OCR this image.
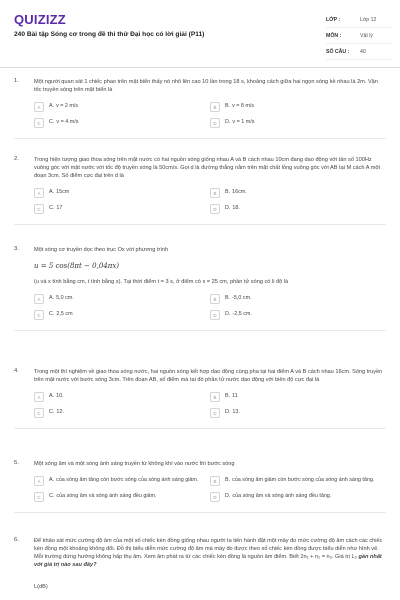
QUIZIZZ
240 Bài tập Sóng cơ trong đề thi thử Đại học có lời giải (P11)
LỚP :	Lớp 12
MÔN :	Vật lý
SỐ CÂU :	40
1.	Một người quan sát 1 chiếc phao trên mặt biển thấy nó nhô lên cao 10 lần trong 18 s, khoảng cách giữa hai ngọn sóng kề nhau là 2m. Vận tốc truyền sóng trên mặt biển là
A	A. v = 2 m/s	B	B. v = 8 m/s
C	C. v = 4 m/s	D	D. v = 1 m/s
2.	Trong hiện tượng giao thoa sóng trên mặt nước có hai nguồn sóng giống nhau A và B cách nhau 10cm đang dao động với tần số 100Hz vuông góc với mặt nước với tốc độ truyền sóng là 50cm/s. Gọi d là đường thẳng nằm trên mặt chất lỏng vuông góc với AB tại M cách A một đoạn 3cm. Số điểm cực đại trên d là
A	A. 15cm	B	B. 16cm.
C	C. 17	D	D. 18.
3.	Một sóng cơ truyền dọc theo trục Ox với phương trình
u = 5 cos(8πt − 0,04πx)
(u và x tính bằng cm, t tính bằng s). Tại thời điểm t = 3 s, ở điểm có x = 25 cm, phần tử sóng có li độ là
A	A. 5,0 cm.	B	B. -5,0 cm.
C	C. 2,5 cm	D	D. -2,5 cm.
4.	Trong một thí nghiệm về giao thoa sóng nước, hai nguồn sóng kết hợp dao động cùng pha tại hai điểm A và B cách nhau 16cm. Sóng truyền trên mặt nước với bước sóng 3cm. Trên đoạn AB, số điểm mà tại đó phần tử nước dao động với biên độ cực đại là
A	A. 10.	B	B. 11
C	C. 12.	D	D. 13.
5.	Một sóng âm và một sóng ánh sáng truyền từ không khí vào nước thì bước sóng
A	A. của sóng âm tăng còn bước sóng của sóng ánh sáng giảm.	B	B. của sóng âm giảm còn bước sóng của sóng ánh sáng tăng.
C	C. của sóng âm và sóng ánh sáng đều giảm.	D	D. của sóng âm và sóng ánh sáng đều tăng.
6.	Để khảo sát mức cường độ âm của một số chiếc kèn đồng giống nhau người ta tiến hành đặt một máy đo mức cường độ âm cách các chiếc kèn đồng một khoảng không đổi. Đồ thị biểu diễn mức cường độ âm mà máy đo được theo số chiếc kèn đồng được biểu diễn như hình vẽ. Mỗi trường đứng hướng không hấp thụ âm. Xem âm phát ra từ các chiếc kèn đồng là nguồn âm điểm. Biết 2n₁ + n₂ = n₃. Giá trị L₃ gần nhất với giá trị nào sau đây?
L(dB)
